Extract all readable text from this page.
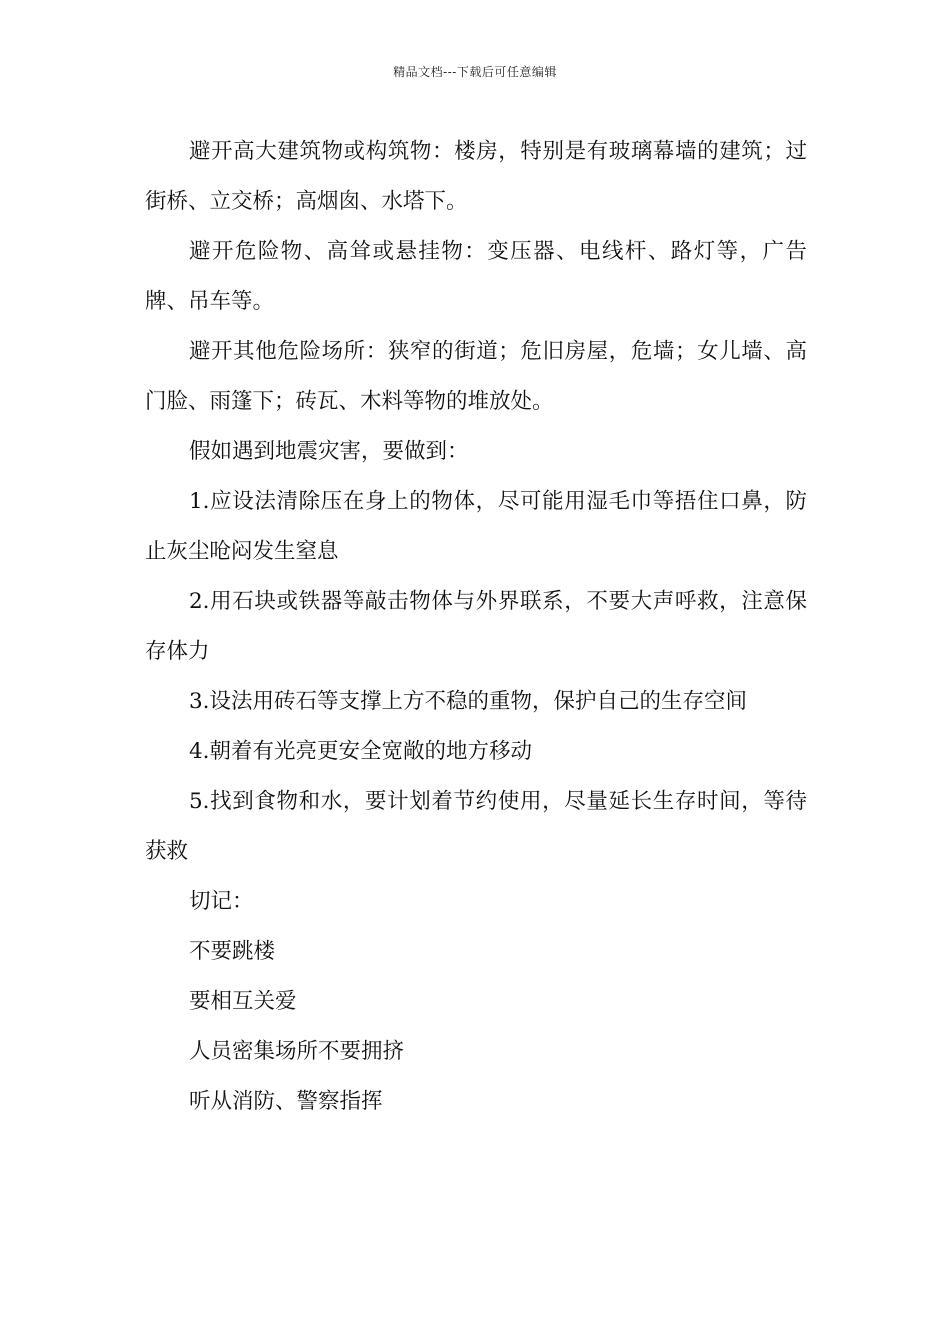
精品文档---下载后可任意编辑

避开高大建筑物或构筑物：楼房，特别是有玻璃幕墙的建筑；过街桥、立交桥；高烟囱、水塔下。

避开危险物、高耸或悬挂物：变压器、电线杆、路灯等，广告牌、吊车等。

避开其他危险场所：狭窄的街道；危旧房屋，危墙；女儿墙、高门脸、雨篷下；砖瓦、木料等物的堆放处。

假如遇到地震灾害，要做到：

1.应设法清除压在身上的物体，尽可能用湿毛巾等捂住口鼻，防止灰尘呛闷发生窒息

2.用石块或铁器等敲击物体与外界联系，不要大声呼救，注意保存体力

3.设法用砖石等支撑上方不稳的重物，保护自己的生存空间

4.朝着有光亮更安全宽敞的地方移动

5.找到食物和水，要计划着节约使用，尽量延长生存时间，等待获救

切记：

不要跳楼

要相互关爱

人员密集场所不要拥挤

听从消防、警察指挥
